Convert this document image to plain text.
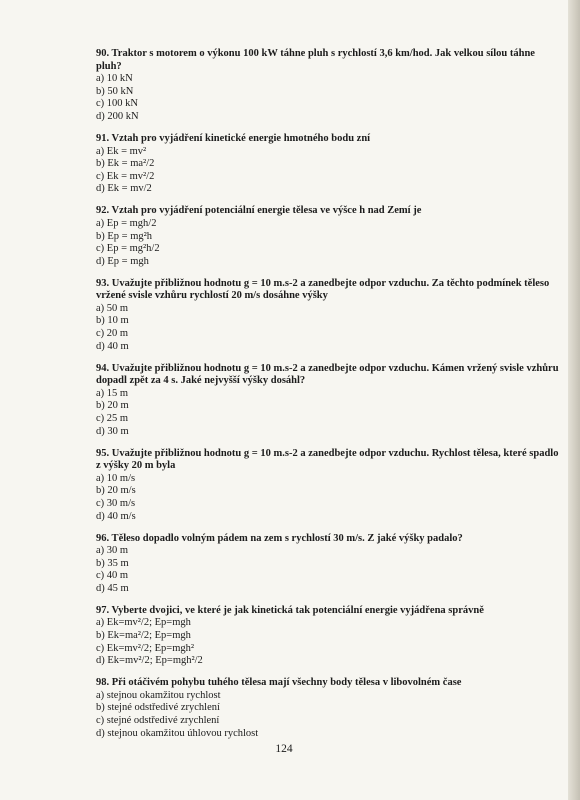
90. Traktor s motorem o výkonu 100 kW táhne pluh s rychlostí 3,6 km/hod. Jak velkou sílou táhne pluh?

a) 10 kN

b) 50 kN

c) 100 kN

d) 200 kN

91. Vztah pro vyjádření kinetické energie hmotného bodu zní

a) Ek = mv²

b) Ek = ma²/2

c) Ek = mv²/2

d) Ek = mv/2

92. Vztah pro vyjádření potenciální energie tělesa ve výšce h nad Zemí je

a) Ep = mgh/2

b) Ep = mg²h

c) Ep = mg²h/2

d) Ep = mgh

93. Uvažujte přibližnou hodnotu g = 10 m.s-2 a zanedbejte odpor vzduchu. Za těchto podmínek těleso vržené svisle vzhůru rychlostí 20 m/s dosáhne výšky

a) 50 m

b) 10 m

c) 20 m

d) 40 m

94. Uvažujte přibližnou hodnotu g = 10 m.s-2 a zanedbejte odpor vzduchu. Kámen vržený svisle vzhůru dopadl zpět za 4 s. Jaké nejvyšší výšky dosáhl?

a) 15 m

b) 20 m

c) 25 m

d) 30 m

95. Uvažujte přibližnou hodnotu g = 10 m.s-2 a zanedbejte odpor vzduchu. Rychlost tělesa, které spadlo z výšky 20 m byla

a) 10 m/s

b) 20 m/s

c) 30 m/s

d) 40 m/s

96. Těleso dopadlo volným pádem na zem s rychlostí 30 m/s. Z jaké výšky padalo?

a) 30 m

b) 35 m

c) 40 m

d) 45 m

97. Vyberte dvojici, ve které je jak kinetická tak potenciální energie vyjádřena správně

a) Ek=mv²/2; Ep=mgh

b) Ek=ma²/2; Ep=mgh

c) Ek=mv²/2; Ep=mgh²

d) Ek=mv²/2; Ep=mgh²/2

98. Při otáčivém pohybu tuhého tělesa mají všechny body tělesa v libovolném čase

a) stejnou okamžitou rychlost

b) stejné odstředivé zrychlení

c) stejné odstředivé zrychlení

d) stejnou okamžitou úhlovou rychlost

124
